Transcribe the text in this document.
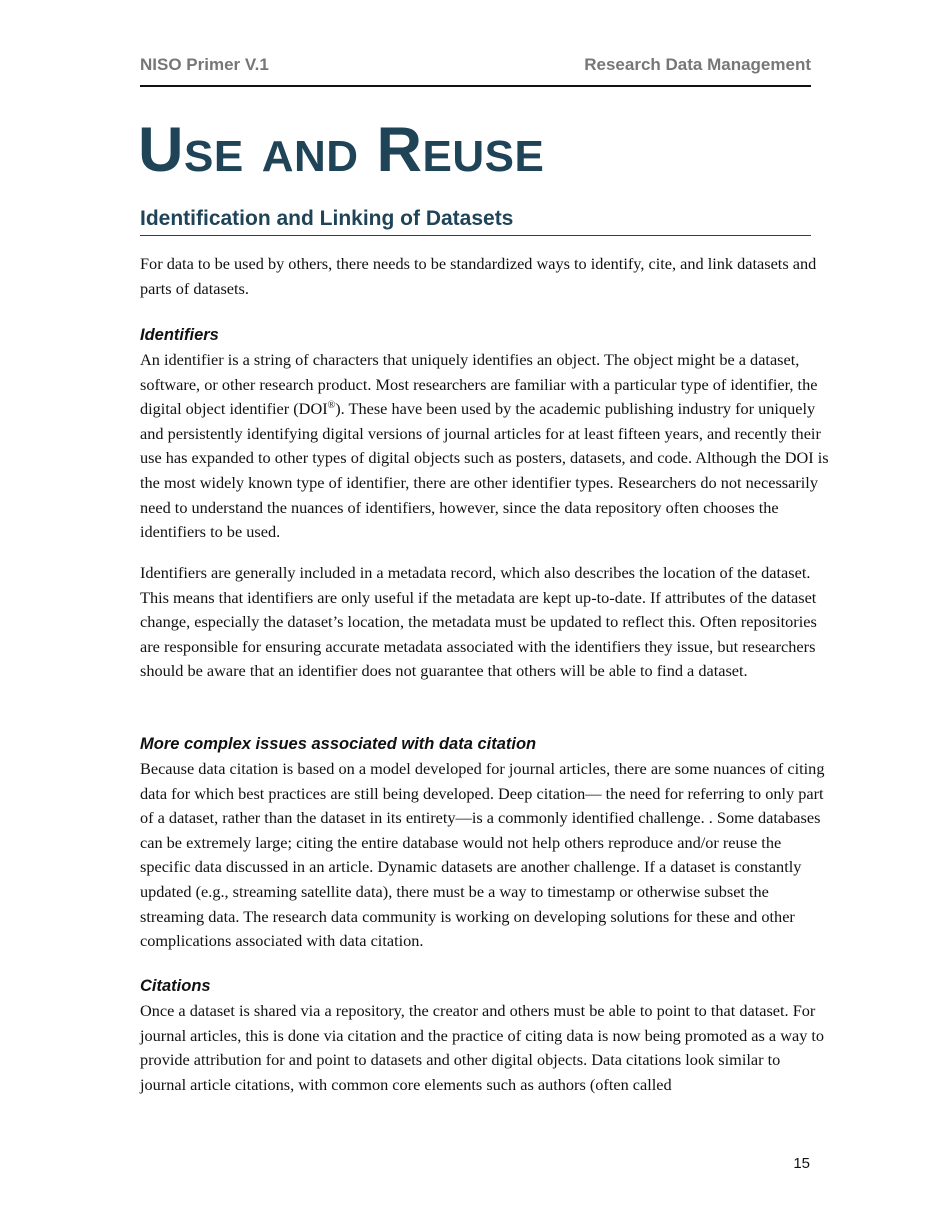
NISO Primer V.1	Research Data Management
Use and Reuse
Identification and Linking of Datasets

For data to be used by others, there needs to be standardized ways to identify, cite, and link datasets and parts of datasets.

Identifiers

An identifier is a string of characters that uniquely identifies an object. The object might be a dataset, software, or other research product. Most researchers are familiar with a particular type of identifier, the digital object identifier (DOI®). These have been used by the academic publishing industry for uniquely and persistently identifying digital versions of journal articles for at least fifteen years, and recently their use has expanded to other types of digital objects such as posters, datasets, and code. Although the DOI is the most widely known type of identifier, there are other identifier types. Researchers do not necessarily need to understand the nuances of identifiers, however, since the data repository often chooses the identifiers to be used.

Identifiers are generally included in a metadata record, which also describes the location of the dataset. This means that identifiers are only useful if the metadata are kept up-to-date. If attributes of the dataset change, especially the dataset’s location, the metadata must be updated to reflect this. Often repositories are responsible for ensuring accurate metadata associated with the identifiers they issue, but researchers should be aware that an identifier does not guarantee that others will be able to find a dataset.

More complex issues associated with data citation

Because data citation is based on a model developed for journal articles, there are some nuances of citing data for which best practices are still being developed. Deep citation— the need for referring to only part of a dataset, rather than the dataset in its entirety—is a commonly identified challenge. . Some databases can be extremely large; citing the entire database would not help others reproduce and/or reuse the specific data discussed in an article. Dynamic datasets are another challenge. If a dataset is constantly updated (e.g., streaming satellite data), there must be a way to timestamp or otherwise subset the streaming data. The research data community is working on developing solutions for these and other complications associated with data citation.

Citations

Once a dataset is shared via a repository, the creator and others must be able to point to that dataset. For journal articles, this is done via citation and the practice of citing data is now being promoted as a way to provide attribution for and point to datasets and other digital objects. Data citations look similar to journal article citations, with common core elements such as authors (often called

15
